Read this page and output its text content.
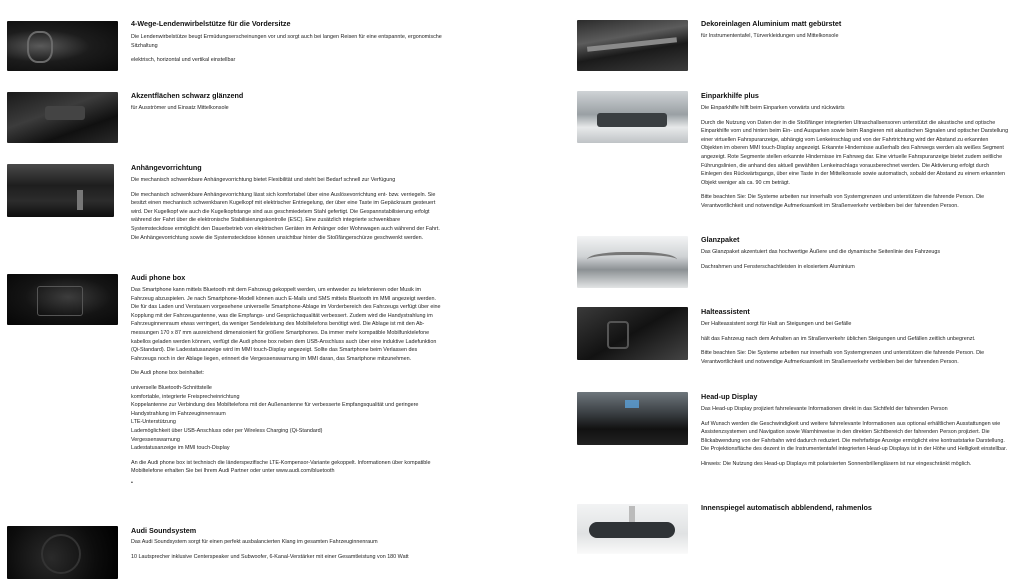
4-Wege-Lendenwirbelstütze für die Vordersitze

Die Lendenwirbelstütze beugt Ermüdungserscheinungen vor und sorgt auch bei langen Reisen für eine entspannte, ergonomische Sitzhaltung

elektrisch, horizontal und vertikal einstellbar

Akzentflächen schwarz glänzend

für Ausströmer und Einsatz Mittelkonsole

Anhängevorrichtung

Die mechanisch schwenkbare Anhängevorrichtung bietet Flexibilität und steht bei Bedarf schnell zur Verfügung

Die mechanisch schwenkbare Anhängevorrichtung lässt sich komfortabel über eine Auslösevorrichtung ent- bzw. verriegeln. Sie besitzt einen mechanisch schwenkbaren Kugelkopf mit elektrischer Entriegelung, der über eine Taste im Gepäckraum gesteuert wird. Der Kugelkopf wie auch die Kugelkopfstange sind aus geschmiedetem Stahl gefertigt. Die Gespannstabilisierung erfolgt während der Fahrt über die elektronische Stabilisierungskontrolle (ESC). Eine zusätzlich integrierte schwenkbare Systemsteckdose ermöglicht den Dauerbetrieb von elektrischen Geräten im Anhänger oder Wohnwagen auch während der Fahrt. Die Anhängevorrichtung sowie die Systemsteckdose können unsichtbar hinter die Stoßfängerschürze geschwenkt werden.

Audi phone box

Das Smartphone kann mittels Bluetooth mit dem Fahrzeug gekoppelt werden, um entweder zu telefonieren oder Musik im Fahrzeug abzuspielen. Je nach Smartphone-Modell können auch E-Mails und SMS mittels Bluetooth im MMI angezeigt werden. Die für das Laden und Verstauen vorgesehene universelle Smartphone-Ablage im Vorderbereich des Fahrzeugs verfügt über eine Kopplung mit der Fahrzeugantenne, was die Empfangs- und Gesprächsqualität verbessert. Zudem wird die Handystrahlung im Fahrzeuginnenraum etwas verringert, da weniger Sendeleistung des Mobiltelefons benötigt wird. Die Ablage ist mit den Ab- messungen 170 x 87 mm ausreichend dimensioniert für größere Smartphones. Da immer mehr kompatible Mobilfunktelefone kabellos geladen werden können, verfügt die Audi phone box neben dem USB-Anschluss auch über eine induktive Ladefunktion (Qi-Standard). Die Ladestatusanzeige wird im MMI touch-Display angezeigt. Sollte das Smartphone beim Verlassen des Fahrzeugs noch in der Ablage liegen, erinnert die Vergessenswarnung im MMI daran, das Smartphone mitzunehmen.

Die Audi phone box beinhaltet:

universelle Bluetooth-Schnittstelle
komfortable, integrierte Freisprecheinrichtung
Koppelantenne zur Verbindung des Mobiltelefons mit der Außenantenne für verbesserte Empfangsqualität und geringere Handystrahlung im Fahrzeuginnenraum
LTE-Unterstützung
Lademöglichkeit über USB-Anschluss oder per Wireless Charging (Qi-Standard)
Vergessenswarnung
Ladestatusanzeige im MMI touch-Display

An die Audi phone box ist technisch die länderspezifische LTE-Kompensor-Variante gekoppelt. Informationen über kompatible Mobiltelefone erhalten Sie bei Ihrem Audi Partner oder unter www.audi.com/bluetooth

•

Audi Soundsystem

Das Audi Soundsystem sorgt für einen perfekt ausbalancierten Klang im gesamten Fahrzeuginnenraum

10 Lautsprecher inklusive Centerspeaker und Subwoofer, 6-Kanal-Verstärker mit einer Gesamtleistung von 180 Watt

Dekoreinlagen Aluminium matt gebürstet

für Instrumententafel, Türverkleidungen und Mittelkonsole

Einparkhilfe plus

Die Einparkhilfe hilft beim Einparken vorwärts und rückwärts

Durch die Nutzung von Daten der in die Stoßfänger integrierten Ultraschallsensoren unterstützt die akustische und optische Einparkhilfe vorn und hinten beim Ein- und Ausparken sowie beim Rangieren mit akustischen Signalen und optischer Darstellung einer virtuellen Fahrspuranzeige, abhängig vom Lenkeinschlag und von der Fahrtrichtung wird der Abstand zu erkannten Objekten im oberen MMI touch-Display angezeigt. Erkannte Hindernisse außerhalb des Fahrwegs werden als weißes Segment angezeigt. Rote Segmente stellen erkannte Hindernisse im Fahrweg dar. Eine virtuelle Fahrspuranzeige bietet zudem seitliche Führungslinien, die anhand des aktuell gewählten Lenkeinschlags vorausberechnet werden. Die Aktivierung erfolgt durch Einlegen des Rückwärtsgangs, über eine Taste in der Mittelkonsole sowie automatisch, sobald der Abstand zu einem erkannten Objekt weniger als ca. 90 cm beträgt.

Bitte beachten Sie: Die Systeme arbeiten nur innerhalb von Systemgrenzen und unterstützen die fahrende Person. Die Verantwortlichkeit und notwendige Aufmerksamkeit im Straßenverkehr verbleiben bei der fahrenden Person.

Glanzpaket

Das Glanzpaket akzentuiert das hochwertige Äußere und die dynamische Seitenlinie des Fahrzeugs

Dachrahmen und Fensterschachtleisten in eloxiertem Aluminium

Halteassistent

Der Halteassistent sorgt für Halt an Steigungen und bei Gefälle

hält das Fahrzeug nach dem Anhalten an im Straßenverkehr üblichen Steigungen und Gefällen zeitlich unbegrenzt.

Bitte beachten Sie: Die Systeme arbeiten nur innerhalb von Systemgrenzen und unterstützen die fahrende Person. Die Verantwortlichkeit und notwendige Aufmerksamkeit im Straßenverkehr verbleiben bei der fahrenden Person.

Head-up Display

Das Head-up Display projiziert fahrrelevante Informationen direkt in das Sichtfeld der fahrenden Person

Auf Wunsch werden die Geschwindigkeit und weitere fahrrelevante Informationen aus optional erhältlichen Ausstattungen wie Assistenzsystemen und Navigation sowie Warnhinweise in den direkten Sichtbereich der fahrenden Person projiziert. Die Blickabwendung von der Fahrbahn wird dadurch reduziert. Die mehrfarbige Anzeige ermöglicht eine kontraststarke Darstellung. Die Projektionsfläche des dezent in die Instrumententafel integrierten Head-up Displays ist in der Höhe und Helligkeit einstellbar.

Hinweis: Die Nutzung des Head-up Displays mit polarisierten Sonnenbrillengläsern ist nur eingeschränkt möglich.

Innenspiegel automatisch abblendend, rahmenlos
